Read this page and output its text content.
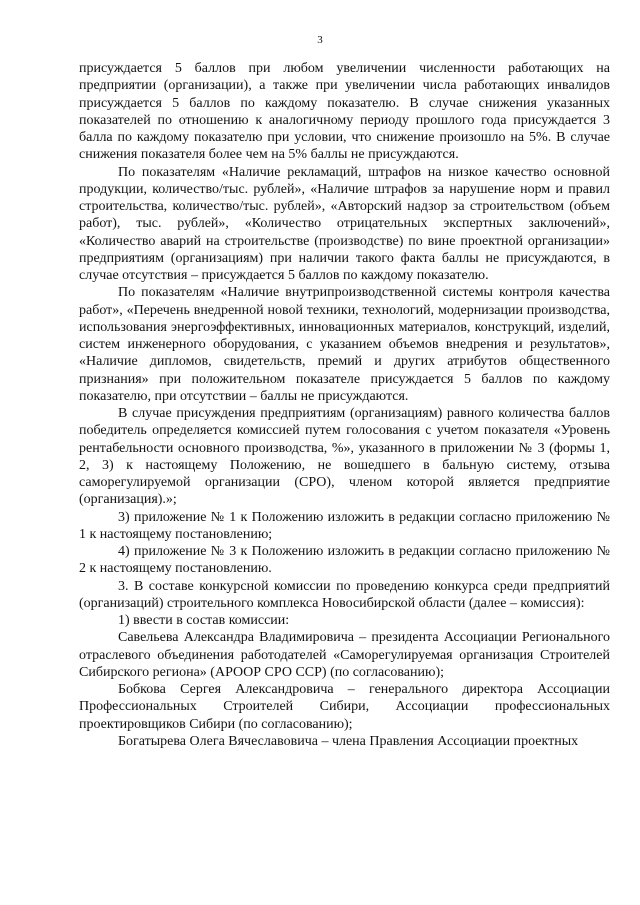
3

присуждается 5 баллов при любом увеличении численности работающих на предприятии (организации), а также при увеличении числа работающих инвалидов присуждается 5 баллов по каждому показателю. В случае снижения указанных показателей по отношению к аналогичному периоду прошлого года присуждается 3 балла по каждому показателю при условии, что снижение произошло на 5%. В случае снижения показателя более чем на 5% баллы не присуждаются.

По показателям «Наличие рекламаций, штрафов на низкое качество основной продукции, количество/тыс. рублей», «Наличие штрафов за нарушение норм и правил строительства, количество/тыс. рублей», «Авторский надзор за строительством (объем работ), тыс. рублей», «Количество отрицательных экспертных заключений», «Количество аварий на строительстве (производстве) по вине проектной организации» предприятиям (организациям) при наличии такого факта баллы не присуждаются, в случае отсутствия – присуждается 5 баллов по каждому показателю.

По показателям «Наличие внутрипроизводственной системы контроля качества работ», «Перечень внедренной новой техники, технологий, модернизации производства, использования энергоэффективных, инновационных материалов, конструкций, изделий, систем инженерного оборудования, с указанием объемов внедрения и результатов», «Наличие дипломов, свидетельств, премий и других атрибутов общественного признания» при положительном показателе присуждается 5 баллов по каждому показателю, при отсутствии – баллы не присуждаются.

В случае присуждения предприятиям (организациям) равного количества баллов победитель определяется комиссией путем голосования с учетом показателя «Уровень рентабельности основного производства, %», указанного в приложении № 3 (формы 1, 2, 3) к настоящему Положению, не вошедшего в бальную систему, отзыва саморегулируемой организации (СРО), членом которой является предприятие (организация).»;

3) приложение № 1 к Положению изложить в редакции согласно приложению № 1 к настоящему постановлению;

4) приложение № 3 к Положению изложить в редакции согласно приложению № 2 к настоящему постановлению.

3. В составе конкурсной комиссии по проведению конкурса среди предприятий (организаций) строительного комплекса Новосибирской области (далее – комиссия):

1) ввести в состав комиссии:

Савельева Александра Владимировича – президента Ассоциации Регионального отраслевого объединения работодателей «Саморегулируемая организация Строителей Сибирского региона» (АРООР СРО ССР) (по согласованию);

Бобкова Сергея Александровича – генерального директора Ассоциации Профессиональных Строителей Сибири, Ассоциации профессиональных проектировщиков Сибири (по согласованию);

Богатырева Олега Вячеславовича – члена Правления Ассоциации проектных
